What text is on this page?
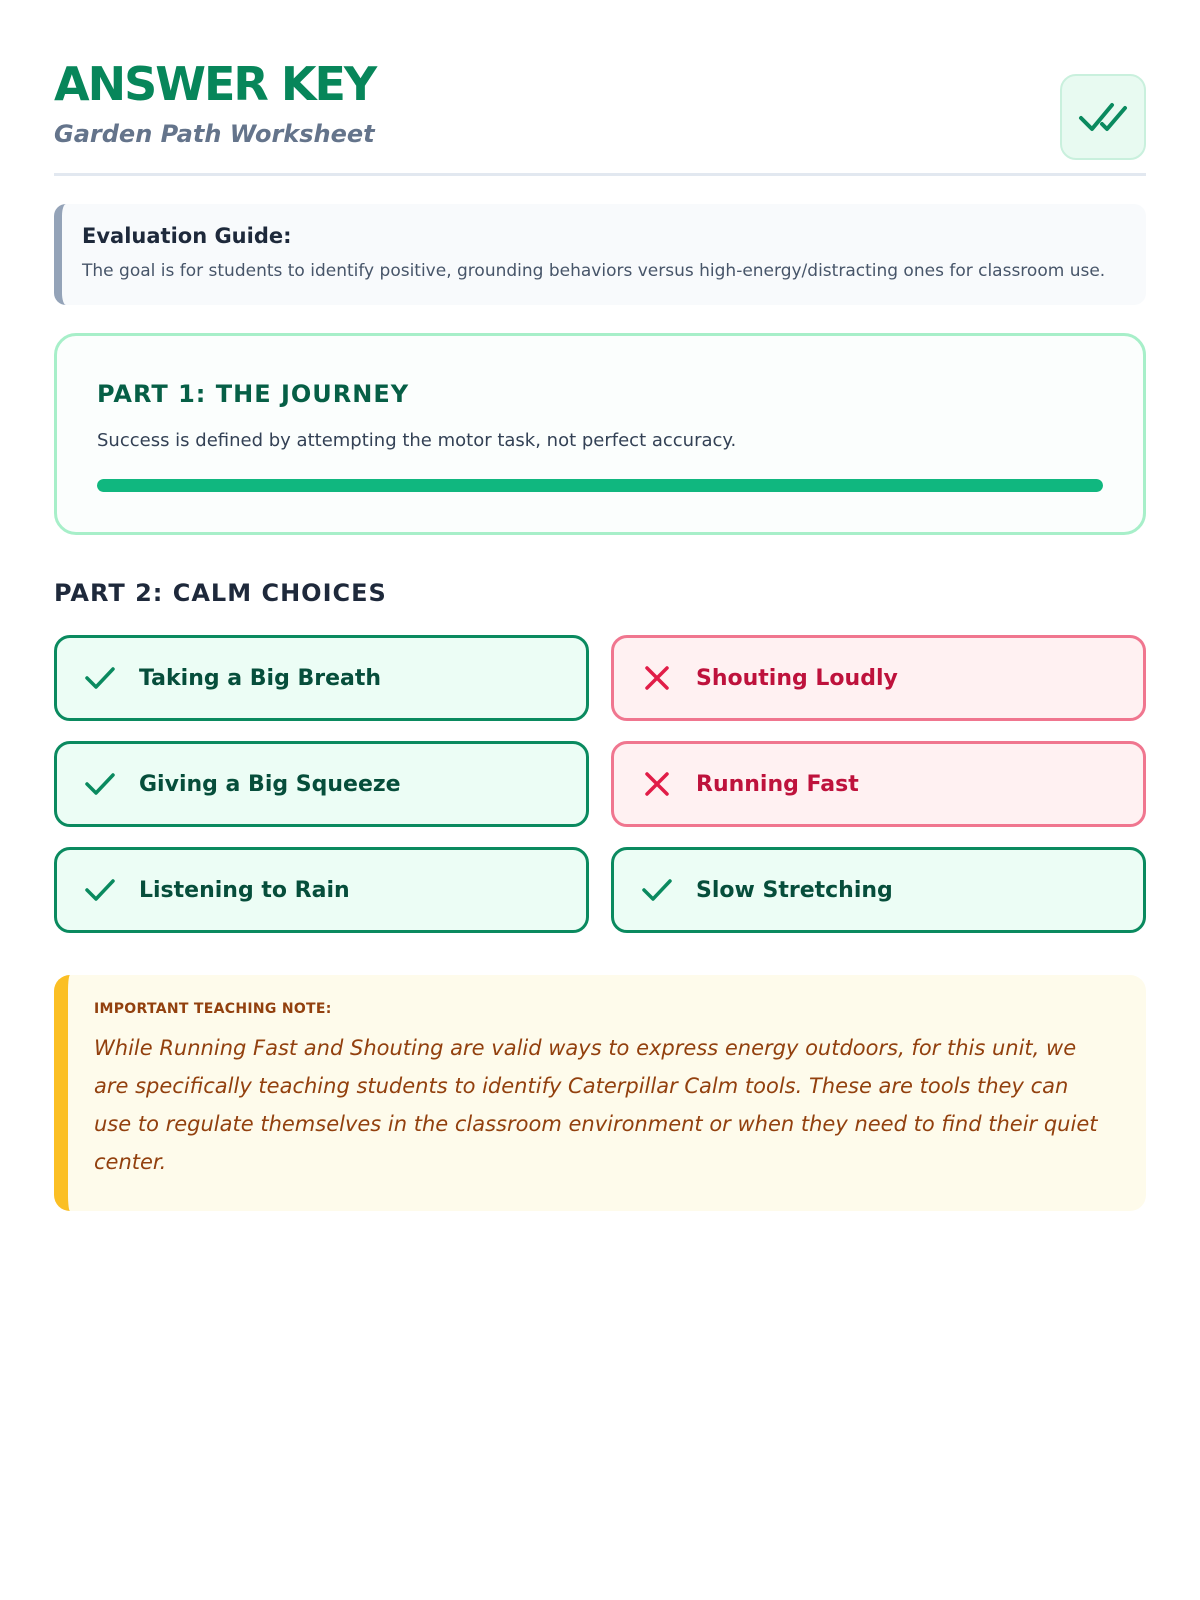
ANSWER KEY
Garden Path Worksheet
Evaluation Guide:
The goal is for students to identify positive, grounding behaviors versus high-energy/distracting ones for classroom use.
PART 1: THE JOURNEY
Success is defined by attempting the motor task, not perfect accuracy.
PART 2: CALM CHOICES
Taking a Big Breath	Shouting Loudly
Giving a Big Squeeze	Running Fast
Listening to Rain	Slow Stretching
IMPORTANT TEACHING NOTE:
While Running Fast and Shouting are valid ways to express energy outdoors, for this unit, we are specifically teaching students to identify Caterpillar Calm tools. These are tools they can use to regulate themselves in the classroom environment or when they need to find their quiet center.
